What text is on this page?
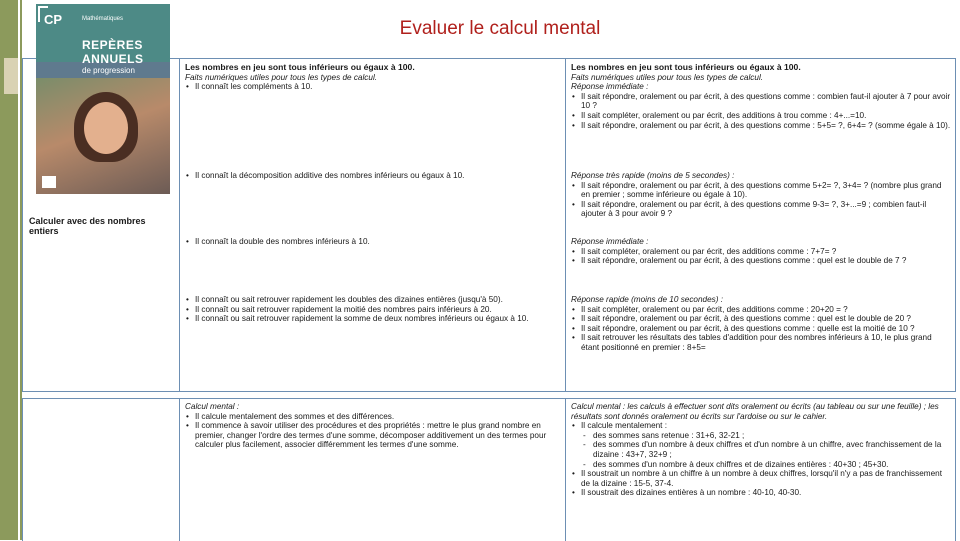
Calculer avec des nombres entiers
Les nombres en jeu sont tous inférieurs ou égaux à 100.
Faits numériques utiles pour tous les types de calcul.
• Il connaît les compléments à 10.
• Il connaît la décomposition additive des nombres inférieurs ou égaux à 10.
• Il connaît la double des nombres inférieurs à 10.
• Il connaît ou sait retrouver rapidement les doubles des dizaines entières (jusqu'à 50).
• Il connaît ou sait retrouver rapidement la moitié des nombres pairs inférieurs à 20.
• Il connaît ou sait retrouver rapidement la somme de deux nombres inférieurs ou égaux à 10.
Les nombres en jeu sont tous inférieurs ou égaux à 100.
Faits numériques utiles pour tous les types de calcul.
Réponse immédiate :
• Il sait répondre, oralement ou par écrit, à des questions comme : combien faut-il ajouter à 7 pour avoir 10 ?
• Il sait compléter, oralement ou par écrit, des additions à trou comme : 4+...=10.
• Il sait répondre, oralement ou par écrit, à des questions comme : 5+5= ?, 6+4= ? (somme égale à 10).
Réponse très rapide (moins de 5 secondes) :
• Il sait répondre, oralement ou par écrit, à des questions comme 5+2= ?, 3+4= ? (nombre plus grand en premier ; somme inférieure ou égale à 10).
• Il sait répondre, oralement ou par écrit, à des questions comme 9-3= ?, 3+...=9 ; combien faut-il ajouter à 3 pour avoir 9 ?
Réponse immédiate :
• Il sait compléter, oralement ou par écrit, des additions comme : 7+7= ?
• Il sait répondre, oralement ou par écrit, à des questions comme : quel est le double de 7 ?
Réponse rapide (moins de 10 secondes) :
• Il sait compléter, oralement ou par écrit, des additions comme : 20+20 = ?
• Il sait répondre, oralement ou par écrit, à des questions comme : quel est le double de 20 ?
• Il sait répondre, oralement ou par écrit, à des questions comme : quelle est la moitié de 10 ?
• Il sait retrouver les résultats des tables d'addition pour des nombres inférieurs à 10, le plus grand étant positionné en premier : 8+5=
Calcul mental :
• Il calcule mentalement des sommes et des différences.
• Il commence à savoir utiliser des procédures et des propriétés : mettre le plus grand nombre en premier, changer l'ordre des termes d'une somme, décomposer additivement un des termes pour calculer plus facilement, associer différemment les termes d'une somme.
Calcul mental : les calculs à effectuer sont dits oralement ou écrits (au tableau ou sur une feuille) ; les résultats sont donnés oralement ou écrits sur l'ardoise ou sur le cahier.
• Il calcule mentalement :
- des sommes sans retenue : 31+6, 32-21 ;
- des sommes d'un nombre à deux chiffres et d'un nombre à un chiffre, avec franchissement de la dizaine : 43+7, 32+9 ;
- des sommes d'un nombre à deux chiffres et de dizaines entières : 40+30 ; 45+30.
• Il soustrait un nombre à un chiffre à un nombre à deux chiffres, lorsqu'il n'y a pas de franchissement de la dizaine : 15-5, 37-4.
• Il soustrait des dizaines entières à un nombre : 40-10, 40-30.
CP	Mathématiques
REPÈRES
ANNUELS
de progression
Evaluer le calcul mental
